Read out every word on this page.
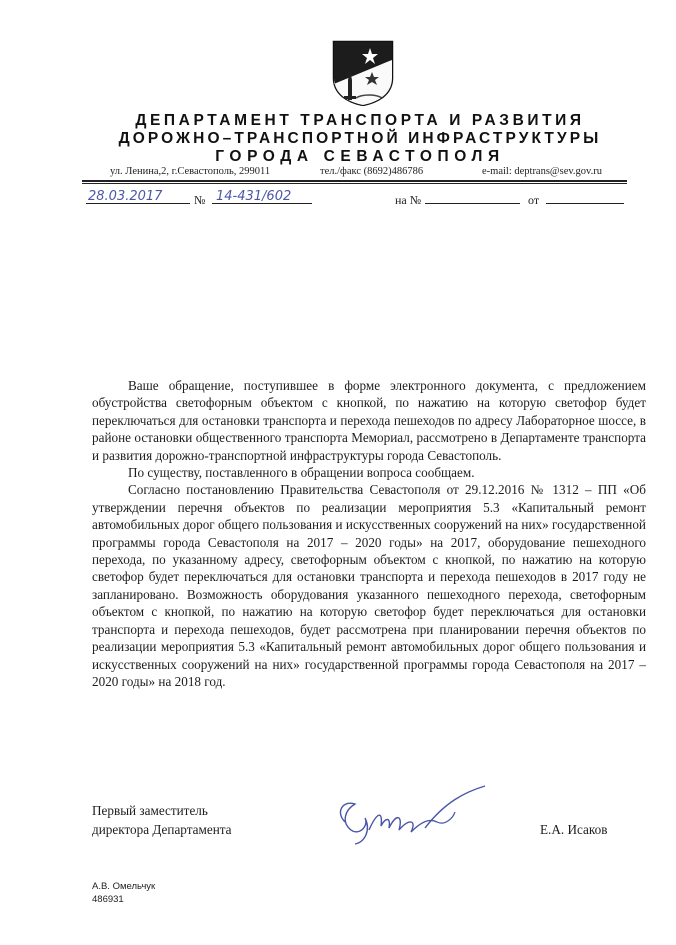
ДЕПАРТАМЕНТ ТРАНСПОРТА И РАЗВИТИЯ
ДОРОЖНО–ТРАНСПОРТНОЙ ИНФРАСТРУКТУРЫ
ГОРОДА СЕВАСТОПОЛЯ
ул. Ленина,2, г.Севастополь, 299011	тел./факс (8692)486786	e-mail: deptrans@sev.gov.ru
28.03.2017	№ 14-431/602	на №	от

Ваше обращение, поступившее в форме электронного документа, с предложением обустройства светофорным объектом с кнопкой, по нажатию на которую светофор будет переключаться для остановки транспорта и перехода пешеходов по адресу Лабораторное шоссе, в районе остановки общественного транспорта Мемориал, рассмотрено в Департаменте транспорта и развития дорожно-транспортной инфраструктуры города Севастополь.

По существу, поставленного в обращении вопроса сообщаем.

Согласно постановлению Правительства Севастополя от 29.12.2016 № 1312 – ПП «Об утверждении перечня объектов по реализации мероприятия 5.3 «Капитальный ремонт автомобильных дорог общего пользования и искусственных сооружений на них» государственной программы города Севастополя на 2017 – 2020 годы» на 2017, оборудование пешеходного перехода, по указанному адресу, светофорным объектом с кнопкой, по нажатию на которую светофор будет переключаться для остановки транспорта и перехода пешеходов в 2017 году не запланировано. Возможность оборудования указанного пешеходного перехода, светофорным объектом с кнопкой, по нажатию на которую светофор будет переключаться для остановки транспорта и перехода пешеходов, будет рассмотрена при планировании перечня объектов по реализации мероприятия 5.3 «Капитальный ремонт автомобильных дорог общего пользования и искусственных сооружений на них» государственной программы города Севастополя на 2017 – 2020 годы» на 2018 год.

Первый заместитель
директора Департамента	Е.А. Исаков
А.В. Омельчук
486931
